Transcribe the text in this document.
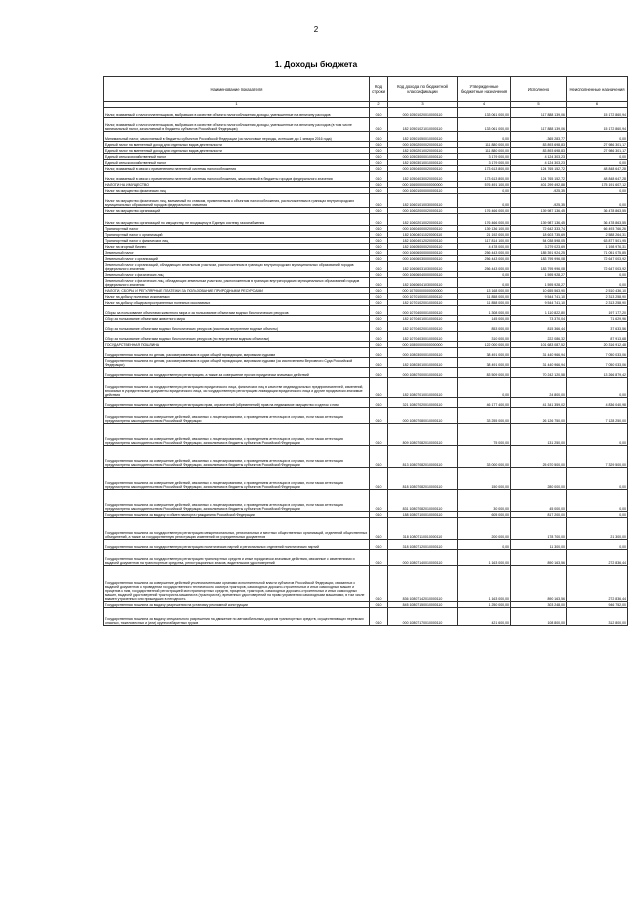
2
1. Доходы бюджета
Наименование показателя	Код строки	Код дохода по бюджетной классификации	Утвержденные бюджетные назначения	Исполнено	Неисполненные назначения
1	2	3	4	5	6
Налог, взимаемый с налогоплательщиков, выбравших в качестве объекта налогообложения доходы, уменьшенные на величину расходов	010	000 10501020010000110	133 061 000,00	117 888 139,06	15 172 860,94
Налог, взимаемый с налогоплательщиков, выбравших в качестве объекта налогообложения доходы, уменьшенные на величину расходов (в том числе минимальный налог, зачисляемый в бюджеты субъектов Российской Федерации)	010	182 10501021010000110	133 061 000,00	117 888 139,06	15 172 860,94
Минимальный налог, зачисляемый в бюджеты субъектов Российской Федерации (за налоговые периоды, истекшие до 1 января 2016 года)	010	182 10501050010000110	0,00	-365 283,77	0,00
Единый налог на вмененный доход для отдельных видов деятельности	010	000 10502000020000110	111 880 000,00	83 893 698,83	27 986 301,17
Единый налог на вмененный доход для отдельных видов деятельности	010	182 10502010020000110	111 880 000,00	83 893 698,83	27 986 301,17
Единый сельскохозяйственный налог	010	000 10503000010000110	3 179 000,00	4 124 303,23	0,00
Единый сельскохозяйственный налог	010	182 10503010010000110	3 179 000,00	4 124 303,23	0,00
Налог, взимаемый в связи с применением патентной системы налогообложения	010	000 10504000020000110	173 613 800,00	124 765 152,72	48 848 647,28
Налог, взимаемый в связи с применением патентной системы налогообложения, зачисляемый в бюджеты городов федерального значения	010	182 10504030020000110	173 613 800,00	124 765 152,72	48 848 647,28
НАЛОГИ НА ИМУЩЕСТВО	010	000 10600000000000000	576 491 100,00	401 299 492,88	175 191 607,12
Налог на имущество физических лиц	010	000 10601000000000110	0,00	-925,35	0,00
Налог на имущество физических лиц, взимаемый по ставкам, применяемым к объектам налогообложения, расположенным в границах внутригородских муниципальных образований городов федерального значения	010	182 10601010030000110	0,00	-925,35	0,00
Налог на имущество организаций	010	000 10602000020000110	176 466 000,00	139 987 136,45	36 478 863,55
Налог на имущество организаций по имуществу, не входящему в Единую систему газоснабжения	010	182 10602010020000110	176 466 000,00	139 987 136,45	36 478 863,55
Транспортный налог	010	000 10604000020000110	139 136 100,00	72 642 333,74	66 493 766,26
Транспортный налог с организаций	010	182 10604011020000110	21 192 000,00	18 603 735,69	2 588 264,31
Транспортный налог с физических лиц	010	182 10604012020000110	117 814 100,00	54 038 598,05	63 877 501,95
Налог на игорный бизнес	010	182 10605000020000110	4 478 000,00	3 279 023,69	1 198 976,31
Земельный налог	010	000 10606000000000110	256 443 000,00	185 391 924,25	71 051 075,85
Земельный налог с организаций	010	000 10606030000000110	256 443 000,00	183 795 996,08	72 647 003,92
Земельный налог с организаций, обладающих земельным участком, расположенным в границах внутригородских муниципальных образований городов федерального значения	010	182 10606031030000110	256 443 000,00	183 795 996,08	72 647 003,92
Земельный налог с физических лиц	010	000 10606040000000110	0,00	1 595 928,27	0,00
Земельный налог с физических лиц, обладающих земельным участком, расположенным в границах внутригородских муниципальных образований городов федерального значения	010	182 10606041030000110	0,00	1 595 928,27	0,00
НАЛОГИ, СБОРЫ И РЕГУЛЯРНЫЕ ПЛАТЕЖИ ЗА ПОЛЬЗОВАНИЕ ПРИРОДНЫМИ РЕСУРСАМИ	010	000 10700000000000000	13 168 000,00	10 655 563,90	2 510 436,10
Налог на добычу полезных ископаемых	010	000 10701000010000110	11 858 000,00	9 544 741,10	2 313 258,90
Налог на добычу общераспространенных полезных ископаемых	010	182 10701020010000110	11 858 000,00	9 544 741,10	2 313 258,90
Сборы за пользование объектами животного мира и за пользование объектами водных биологических ресурсов	010	000 10704000010000110	1 308 000,00	1 110 822,80	197 177,20
Сбор за пользование объектами животного мира	010	182 10704010010000110	145 000,00	73 370,04	71 629,96
Сбор за пользование объектами водных биологических ресурсов (исключая внутренние водные объекты)	010	182 10704020010000110	853 000,00	815 366,44	37 633,56
Сбор за пользование объектами водных биологических ресурсов (по внутренним водным объектам)	010	182 10704030010000110	310 000,00	222 086,32	87 913,68
ГОСУДАРСТВЕННАЯ ПОШЛИНА	010	000 10800000000000000	122 000 000,00	101 683 087,52	20 316 912,48
Государственная пошлина по делам, рассматриваемым в судах общей юрисдикции, мировыми судьями	010	000 10803000010000110	38 491 000,00	31 440 966,94	7 050 033,06
Государственная пошлина по делам, рассматриваемым в судах общей юрисдикции, мировыми судьями (за исключением Верховного Суда Российской Федерации)	010	182 10803010010000110	38 491 000,00	31 440 966,94	7 050 033,06
Государственная пошлина за государственную регистрацию, а также за совершение прочих юридически значимых действий	010	000 10807000010000110	83 509 000,00	70 242 120,58	13 266 879,42
Государственная пошлина за государственную регистрацию юридического лица, физических лиц в качестве индивидуальных предпринимателей, изменений, вносимых в учредительные документы юридического лица, за государственную регистрацию ликвидации юридического лица и другие юридически значимые действия	010	182 10807010010000110	0,00	24 800,00	0,00
Государственная пошлина за государственную регистрацию прав, ограничений (обременений) прав на недвижимое имущество и сделок с ним	010	321 10807020010000110	46 177 400,00	41 341 359,02	4 836 040,98
Государственная пошлина за совершение действий, связанных с лицензированием, с проведением аттестации в случаях, если такая аттестация предусмотрена законодательством Российской Федерации	010	000 10807080010000110	33 255 000,00	26 126 750,00	7 128 250,00
Государственная пошлина за совершение действий, связанных с лицензированием, с проведением аттестации в случаях, если такая аттестация предусмотрена законодательством Российской Федерации, зачисляемая в бюджеты субъектов Российской Федерации	010	809 10807082010000110	75 000,00	131 250,00	0,00
Государственная пошлина за совершение действий, связанных с лицензированием, с проведением аттестации в случаях, если такая аттестация предусмотрена законодательством Российской Федерации, зачисляемая в бюджеты субъектов Российской Федерации	010	813 10807082010000110	33 000 000,00	25 670 500,00	7 329 500,00
Государственная пошлина за совершение действий, связанных с лицензированием, с проведением аттестации в случаях, если такая аттестация предусмотрена законодательством Российской Федерации, зачисляемая в бюджеты субъектов Российской Федерации	010	818 10807082010000110	150 000,00	280 000,00	0,00
Государственная пошлина за совершение действий, связанных с лицензированием, с проведением аттестации в случаях, если такая аттестация предусмотрена законодательством Российской Федерации, зачисляемая в бюджеты субъектов Российской Федерации	010	831 10807082010000110	30 000,00	45 000,00	0,00
Государственная пошлина за выдачу и обмен паспорта гражданина Российской Федерации	010	188 10807100010000110	605 000,00	817 200,00	0,00
Государственная пошлина за государственную регистрацию межрегиональных, региональных и местных общественных организаций, отделений общественных объединений, а также за государственную регистрацию изменений их учредительных документов	010	318 10807110010000110	200 000,00	178 700,00	21 300,00
Государственная пошлина за государственную регистрацию политических партий и региональных отделений политических партий	010	318 10807120010000110	0,00	11 300,00	0,00
Государственная пошлина за государственную регистрацию транспортных средств и иные юридически значимые действия, связанные с изменениями и выдачей документов на транспортные средства, регистрационных знаков, водительских удостоверений	010	000 10807140010000110	1 163 000,00	890 163,56	272 836,44
Государственная пошлина за совершение действий уполномоченными органами исполнительной власти субъектов Российской Федерации, связанных с выдачей документов о проведении государственного технического осмотра тракторов, самоходных дорожно-строительных и иных самоходных машин и прицепов к ним, государственной регистрацией мототранспортных средств, прицепов, тракторов, самоходных дорожно-строительных и иных самоходных машин, выдачей удостоверений тракториста-машиниста (тракториста), временных удостоверений на право управления самоходными машинами, в том числе взамен утраченных или пришедших в негодность	010	836 10807142010000110	1 163 000,00	890 163,56	272 836,44
Государственная пошлина за выдачу разрешения на установку рекламной конструкции	010	845 10807150010000110	1 250 000,00	303 248,00	946 752,00
Государственная пошлина за выдачу специального разрешения на движение по автомобильным дорогам транспортных средств, осуществляющих перевозки опасных, тяжеловесных и (или) крупногабаритных грузов	010	000 10807170010000110	421 600,00	108 800,00	312 800,00
